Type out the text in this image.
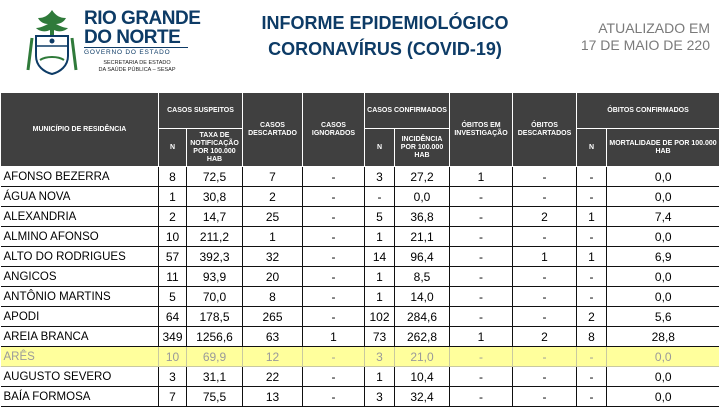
RIO GRANDE
DO NORTE
GOVERNO DO ESTADO
SECRETARIA DE ESTADO
DA SAÚDE PÚBLICA – SESAP
INFORME EPIDEMIOLÓGICO
CORONAVÍRUS (COVID-19)
ATUALIZADO EM
17 DE MAIO DE 220
MUNICÍPIO DE RESIDÊNCIA	CASOS SUSPEITOS		CASOS DESCARTADO	CASOS IGNORADOS	CASOS CONFIRMADOS		ÓBITOS EM INVESTIGAÇÃO	ÓBITOS DESCARTADOS	ÓBITOS CONFIRMADOS	
	N	TAXA DE NOTIFICAÇÃO POR 100.000 HAB			N	INCIDÊNCIA POR 100.000 HAB			N	MORTALIDADE DE POR 100.000 HAB
AFONSO BEZERRA	8	72,5	7	-	3	27,2	1	-	-	0,0
ÁGUA NOVA	1	30,8	2	-	-	0,0	-	-	-	0,0
ALEXANDRIA	2	14,7	25	-	5	36,8	-	2	1	7,4
ALMINO AFONSO	10	211,2	1	-	1	21,1	-	-	-	0,0
ALTO DO RODRIGUES	57	392,3	32	-	14	96,4	-	1	1	6,9
ANGICOS	11	93,9	20	-	1	8,5	-	-	-	0,0
ANTÔNIO MARTINS	5	70,0	8	-	1	14,0	-	-	-	0,0
APODI	64	178,5	265	-	102	284,6	-	-	2	5,6
AREIA BRANCA	349	1256,6	63	1	73	262,8	1	2	8	28,8
ARÊS	10	69,9	12	-	3	21,0	-	-	-	0,0
AUGUSTO SEVERO	3	31,1	22	-	1	10,4	-	-	-	0,0
BAÍA FORMOSA	7	75,5	13	-	3	32,4	-	-	-	0,0
